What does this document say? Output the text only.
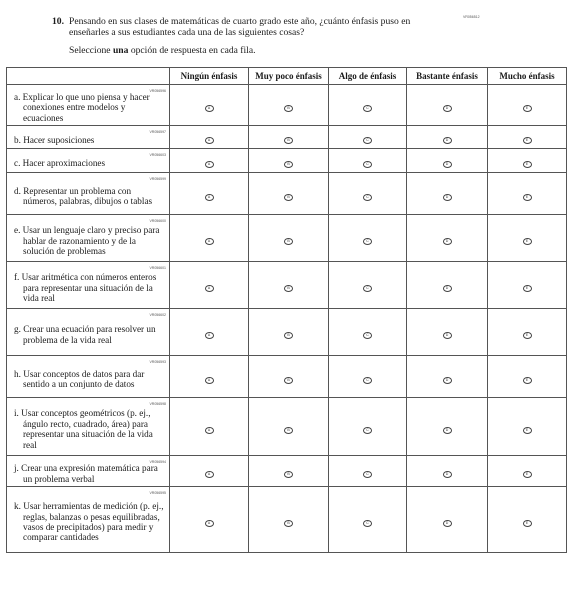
VR056512
10. Pensando en sus clases de matemáticas de cuarto grado este año, ¿cuánto énfasis puso en enseñarles a sus estudiantes cada una de las siguientes cosas?
Seleccione una opción de respuesta en cada fila.
	Ningún énfasis	Muy poco énfasis	Algo de énfasis	Bastante énfasis	Mucho énfasis

VR056596
a. Explicar lo que uno piensa y hacer conexiones entre modelos y ecuaciones	A	B	C	D	E

VR056597
b. Hacer suposiciones	A	B	C	D	E

VR056603
c. Hacer aproximaciones	A	B	C	D	E

VR056599
d. Representar un problema con números, palabras, dibujos o tablas	A	B	C	D	E

VR056600
e. Usar un lenguaje claro y preciso para hablar de razonamiento y de la solución de problemas	A	B	C	D	E

VR056601
f. Usar aritmética con números enteros para representar una situación de la vida real	A	B	C	D	E

VR056602
g. Crear una ecuación para resolver un problema de la vida real	A	B	C	D	E

VR056593
h. Usar conceptos de datos para dar sentido a un conjunto de datos	A	B	C	D	E

VR056598
i. Usar conceptos geométricos (p. ej., ángulo recto, cuadrado, área) para representar una situación de la vida real	A	B	C	D	E

VR056594
j. Crear una expresión matemática para un problema verbal	A	B	C	D	E

VR056595
k. Usar herramientas de medición (p. ej., reglas, balanzas o pesas equilibradas, vasos de precipitados) para medir y comparar cantidades	A	B	C	D	E
